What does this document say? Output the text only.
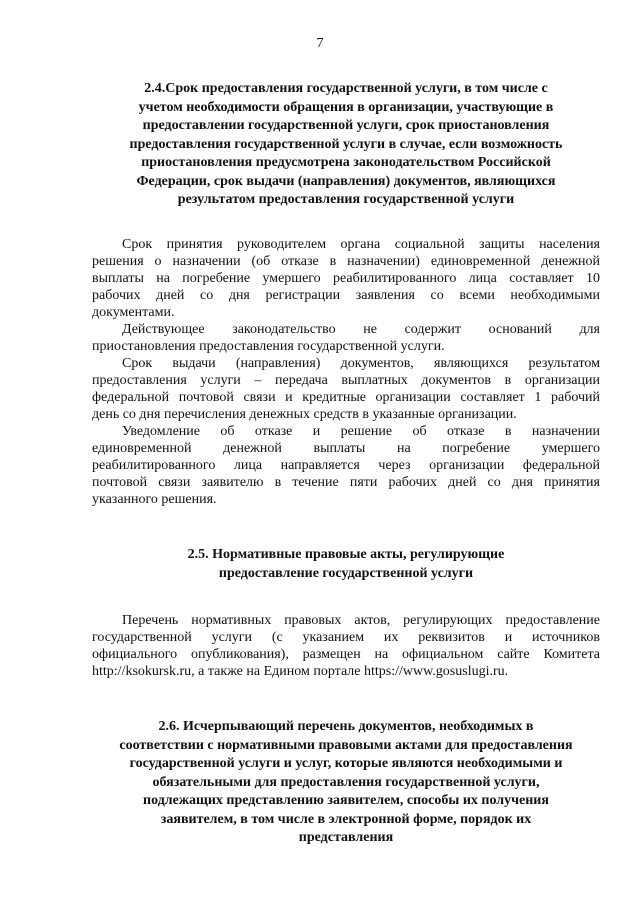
7
2.4.Срок предоставления государственной услуги, в том числе с
учетом необходимости обращения в организации, участвующие в
предоставлении государственной услуги, срок приостановления
предоставления государственной услуги в случае, если возможность
приостановления предусмотрена законодательством Российской
Федерации, срок выдачи (направления) документов, являющихся
результатом предоставления государственной услуги
Срок принятия руководителем органа социальной защиты населения
решения о назначении (об отказе в назначении) единовременной денежной
выплаты на погребение умершего реабилитированного лица составляет 10
рабочих дней со дня регистрации заявления со всеми необходимыми
документами.
Действующее законодательство не содержит оснований для
приостановления предоставления государственной услуги.
Срок выдачи (направления) документов, являющихся результатом
предоставления услуги – передача выплатных документов в организации
федеральной почтовой связи и кредитные организации составляет 1 рабочий
день со дня перечисления денежных средств в указанные организации.
Уведомление об отказе и решение об отказе в назначении
единовременной денежной выплаты на погребение умершего
реабилитированного лица направляется через организации федеральной
почтовой связи заявителю в течение пяти рабочих дней со дня принятия
указанного решения.
2.5. Нормативные правовые акты, регулирующие
предоставление государственной услуги
Перечень нормативных правовых актов, регулирующих предоставление
государственной услуги (с указанием их реквизитов и источников
официального опубликования), размещен на официальном сайте Комитета
http://ksokursk.ru, а также на Едином портале https://www.gosuslugi.ru.
2.6. Исчерпывающий перечень документов, необходимых в
соответствии с нормативными правовыми актами для предоставления
государственной услуги и услуг, которые являются необходимыми и
обязательными для предоставления государственной услуги,
подлежащих представлению заявителем, способы их получения
заявителем, в том числе в электронной форме, порядок их
представления
